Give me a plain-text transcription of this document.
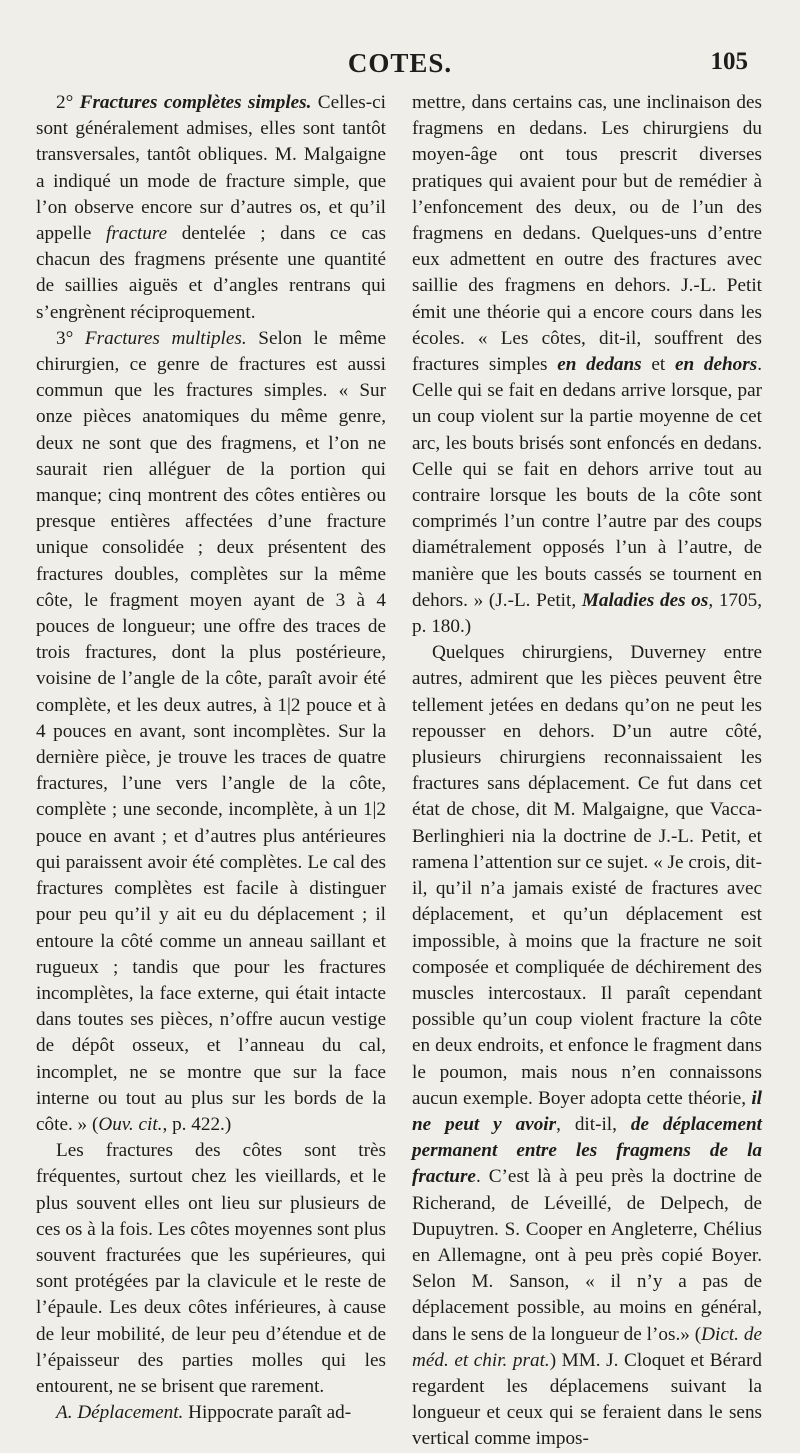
COTES.	105

2° Fractures complètes simples. Celles-ci sont généralement admises, elles sont tantôt transversales, tantôt obliques. M. Malgaigne a indiqué un mode de fracture simple, que l’on observe encore sur d’autres os, et qu’il appelle fracture dentelée ; dans ce cas chacun des fragmens présente une quantité de saillies aiguës et d’angles rentrans qui s’engrènent réciproquement.

3° Fractures multiples. Selon le même chirurgien, ce genre de fractures est aussi commun que les fractures simples. « Sur onze pièces anatomiques du même genre, deux ne sont que des fragmens, et l’on ne saurait rien alléguer de la portion qui manque; cinq montrent des côtes entières ou presque entières affectées d’une fracture unique consolidée ; deux présentent des fractures doubles, complètes sur la même côte, le fragment moyen ayant de 3 à 4 pouces de longueur; une offre des traces de trois fractures, dont la plus postérieure, voisine de l’angle de la côte, paraît avoir été complète, et les deux autres, à 1|2 pouce et à 4 pouces en avant, sont incomplètes. Sur la dernière pièce, je trouve les traces de quatre fractures, l’une vers l’angle de la côte, complète ; une seconde, incomplète, à un 1|2 pouce en avant ; et d’autres plus antérieures qui paraissent avoir été complètes. Le cal des fractures complètes est facile à distinguer pour peu qu’il y ait eu du déplacement ; il entoure la côté comme un anneau saillant et rugueux ; tandis que pour les fractures incomplètes, la face externe, qui était intacte dans toutes ses pièces, n’offre aucun vestige de dépôt osseux, et l’anneau du cal, incomplet, ne se montre que sur la face interne ou tout au plus sur les bords de la côte. » (Ouv. cit., p. 422.)

Les fractures des côtes sont très fréquentes, surtout chez les vieillards, et le plus souvent elles ont lieu sur plusieurs de ces os à la fois. Les côtes moyennes sont plus souvent fracturées que les supérieures, qui sont protégées par la clavicule et le reste de l’épaule. Les deux côtes inférieures, à cause de leur mobilité, de leur peu d’étendue et de l’épaisseur des parties molles qui les entourent, ne se brisent que rarement.

A. Déplacement. Hippocrate paraît ad-

mettre, dans certains cas, une inclinaison des fragmens en dedans. Les chirurgiens du moyen-âge ont tous prescrit diverses pratiques qui avaient pour but de remédier à l’enfoncement des deux, ou de l’un des fragmens en dedans. Quelques-uns d’entre eux admettent en outre des fractures avec saillie des fragmens en dehors. J.-L. Petit émit une théorie qui a encore cours dans les écoles. « Les côtes, dit-il, souffrent des fractures simples en dedans et en dehors. Celle qui se fait en dedans arrive lorsque, par un coup violent sur la partie moyenne de cet arc, les bouts brisés sont enfoncés en dedans. Celle qui se fait en dehors arrive tout au contraire lorsque les bouts de la côte sont comprimés l’un contre l’autre par des coups diamétralement opposés l’un à l’autre, de manière que les bouts cassés se tournent en dehors. » (J.-L. Petit, Maladies des os, 1705, p. 180.)

Quelques chirurgiens, Duverney entre autres, admirent que les pièces peuvent être tellement jetées en dedans qu’on ne peut les repousser en dehors. D’un autre côté, plusieurs chirurgiens reconnaissaient les fractures sans déplacement. Ce fut dans cet état de chose, dit M. Malgaigne, que Vacca-Berlinghieri nia la doctrine de J.-L. Petit, et ramena l’attention sur ce sujet. « Je crois, dit-il, qu’il n’a jamais existé de fractures avec déplacement, et qu’un déplacement est impossible, à moins que la fracture ne soit composée et compliquée de déchirement des muscles intercostaux. Il paraît cependant possible qu’un coup violent fracture la côte en deux endroits, et enfonce le fragment dans le poumon, mais nous n’en connaissons aucun exemple. Boyer adopta cette théorie, il ne peut y avoir, dit-il, de déplacement permanent entre les fragmens de la fracture. C’est là à peu près la doctrine de Richerand, de Léveillé, de Delpech, de Dupuytren. S. Cooper en Angleterre, Chélius en Allemagne, ont à peu près copié Boyer. Selon M. Sanson, « il n’y a pas de déplacement possible, au moins en général, dans le sens de la longueur de l’os.» (Dict. de méd. et chir. prat.) MM. J. Cloquet et Bérard regardent les déplacemens suivant la longueur et ceux qui se feraient dans le sens vertical comme impos-
